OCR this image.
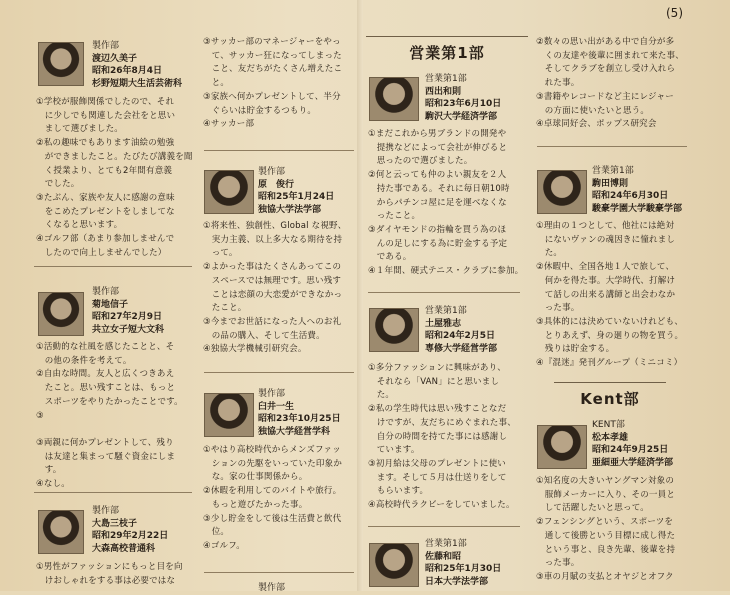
(5)
製作部
渡辺久美子
昭和26年8月4日
杉野短期大生活芸術科
①学校が服飾関係でしたので、それ
　に少しでも関連した会社をと思い
　まして選びました。
②私の趣味でもあります油絵の勉強
　ができましたこと。たびたび講義を聞
　く授業より、とても2年間有意義
　でした。
③たぶん、家族や友人に感謝の意味
　をこめたプレゼントをしましてな
　くなると思います。
④ゴルフ部（あまり参加しませんで
　したので向上しませんでした）
製作部
菊地信子
昭和27年2月9日
共立女子短大文科
①活動的な社風を感じたことと、そ
　の他の条件を考えて。
②自由な時間。友人と広くつきあえ
　たこと。思い残すことは、もっと
　スポーツをやりたかったことです。
③

③両親に何かプレゼントして、残り
　は友達と集まって騒ぐ資金にしま
　す。
④なし。
製作部
大島三枝子
昭和29年2月22日
大森高校普通科
①男性がファッションにもっと目を向
　けおしゃれをする事は必要ではな
③サッカー部のマネージャーをやっ
　て、サッカー狂になってしまった
　こと、友だちがたくさん増えたこ
　と。
③家族へ何かプレゼントして、半分
　ぐらいは貯金するつもり。
④サッカー部
製作部
原　俊行
昭和25年1月24日
独協大学法学部
①将来性、独創性、Global な視野、
　実力主義、以上多大なる期待を持
　って。
②よかった事はたくさんあってこの
　スペースでは無理です。思い残す
　ことは恋顔の大恋愛ができなかっ
　たこと。
③今までお世話になった人へのお礼
　の品の購入、そして生活費。
④独協大学機械引研究会。
製作部
臼井一生
昭和23年10月25日
独協大学経営学科
①やはり高校時代からメンズファッ
　ションの先駆をいっていた印象か
　な。家の仕事関係から。
②休暇を利用してのバイトや旅行。
　もっと遊びたかった事。
③少し貯金をして後は生活費と飲代
　位。
④ゴルフ。
製作部
営業第1部
営業第1部
西出和則
昭和23年6月10日
駒沢大学経済学部
①まだこれから男ブランドの開発や
　提携などによって会社が伸びると
　思ったので選びました。
②何と云っても仲のよい親友を２人
　持た事である。それに毎日朝10時
　からパチンコ屋に足を運べなくな
　ったこと。
③ダイヤモンドの指輪を買う為のほ
　んの足しにする為に貯金する予定
　である。
④１年間、硬式テニス・クラブに参加。
営業第1部
土屋雅志
昭和24年2月5日
専修大学経営学部
①多分ファッションに興味があり、
　それなら「VAN」にと思いまし
　た。
②私の学生時代は思い残すことなだ
　けですが、友だちにめぐまれた事、
　自分の時間を持てた事には感謝し
　ています。
③初月給は父母のプレゼントに使い
　ます。そして５月は仕送りをして
　もらいます。
④高校時代ラクビーをしていました。
営業第1部
佐藤和昭
昭和25年1月30日
日本大学法学部
②数々の思い出がある中で自分が多
　くの友達や後輩に囲まれて来た事、
　そしてクラブを創立し受け入れら
　れた事。
③書籍やレコードなど主にレジャー
　の方面に使いたいと思う。
④卓球同好会、ポップス研究会
営業第1部
駒田博則
昭和24年6月30日
駿豪学園大学駿豪学部
①理由の１つとして、他社には絶対
　にないヴァンの魂因きに憧れまし
　た。
②休暇中、全国各地１人で旅して、
　何かを得た事。大学時代、打解け
　て話しの出来る講師と出会わなか
　った事。
③具体的には決めていないけれども、
　とりあえず、身の廻りの物を買う。
　残りは貯金する。
④『混迷』発刊グループ（ミニコミ）
Kent部
KENT部
松本孝雄
昭和24年9月25日
亜細亜大学経済学部
①知名度の大きいヤングマン対象の
　服飾メーカーに入り、その一員と
　して活躍したいと思って。
②フェンシングという、スポーツを
　通して後勝という目標に成し得た
　という事と、良き先輩、後輩を持
　った事。
③車の月賦の支払とオヤジとオフク
